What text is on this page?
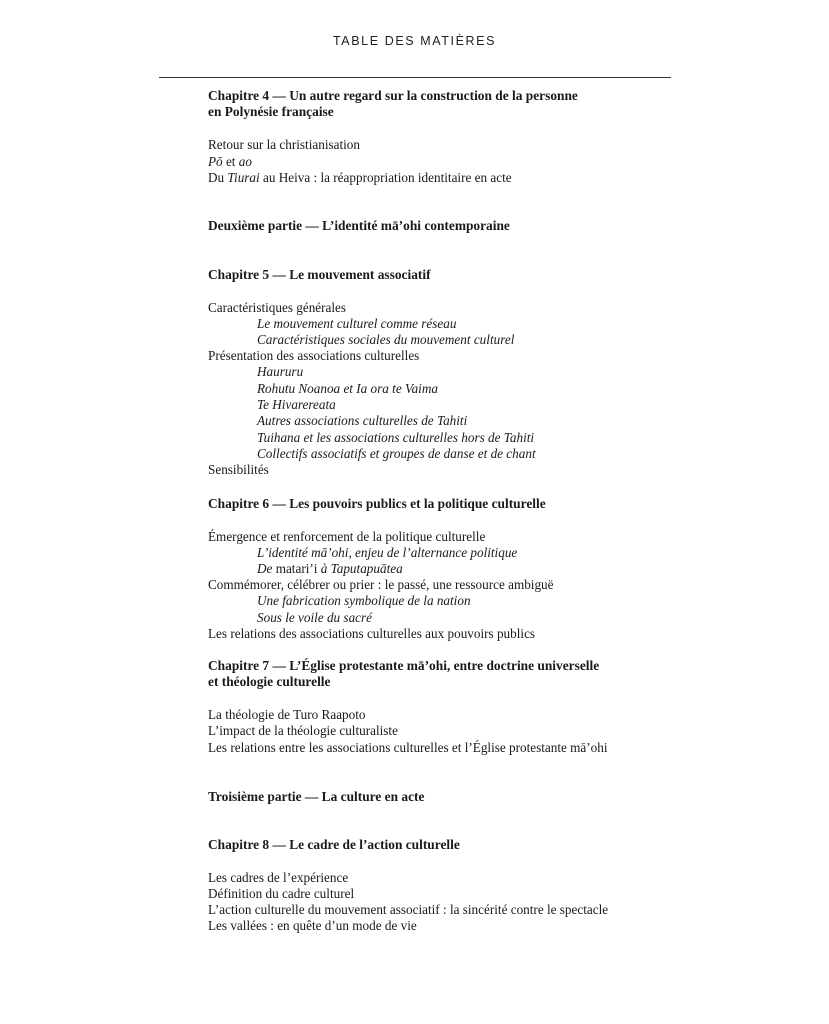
TABLE DES MATIÈRES
Chapitre 4 — Un autre regard sur la construction de la personne
en Polynésie française
Retour sur la christianisation
Pō et ao
Du Tiurai au Heiva : la réappropriation identitaire en acte
Deuxième partie — L’identité mā’ohi contemporaine
Chapitre 5 — Le mouvement associatif
Caractéristiques générales
Le mouvement culturel comme réseau
Caractéristiques sociales du mouvement culturel
Présentation des associations culturelles
Haururu
Rohutu Noanoa et Ia ora te Vaima
Te Hivarereata
Autres associations culturelles de Tahiti
Tuihana et les associations culturelles hors de Tahiti
Collectifs associatifs et groupes de danse et de chant
Sensibilités
Chapitre 6 — Les pouvoirs publics et la politique culturelle
Émergence et renforcement de la politique culturelle
L’identité mā’ohi, enjeu de l’alternance politique
De matari’i à Taputapuātea
Commémorer, célébrer ou prier : le passé, une ressource ambiguë
Une fabrication symbolique de la nation
Sous le voile du sacré
Les relations des associations culturelles aux pouvoirs publics
Chapitre 7 — L’Église protestante mā’ohi, entre doctrine universelle
et théologie culturelle
La théologie de Turo Raapoto
L’impact de la théologie culturaliste
Les relations entre les associations culturelles et l’Église protestante mā’ohi
Troisième partie — La culture en acte
Chapitre 8 — Le cadre de l’action culturelle
Les cadres de l’expérience
Définition du cadre culturel
L’action culturelle du mouvement associatif : la sincérité contre le spectacle
Les vallées : en quête d’un mode de vie
